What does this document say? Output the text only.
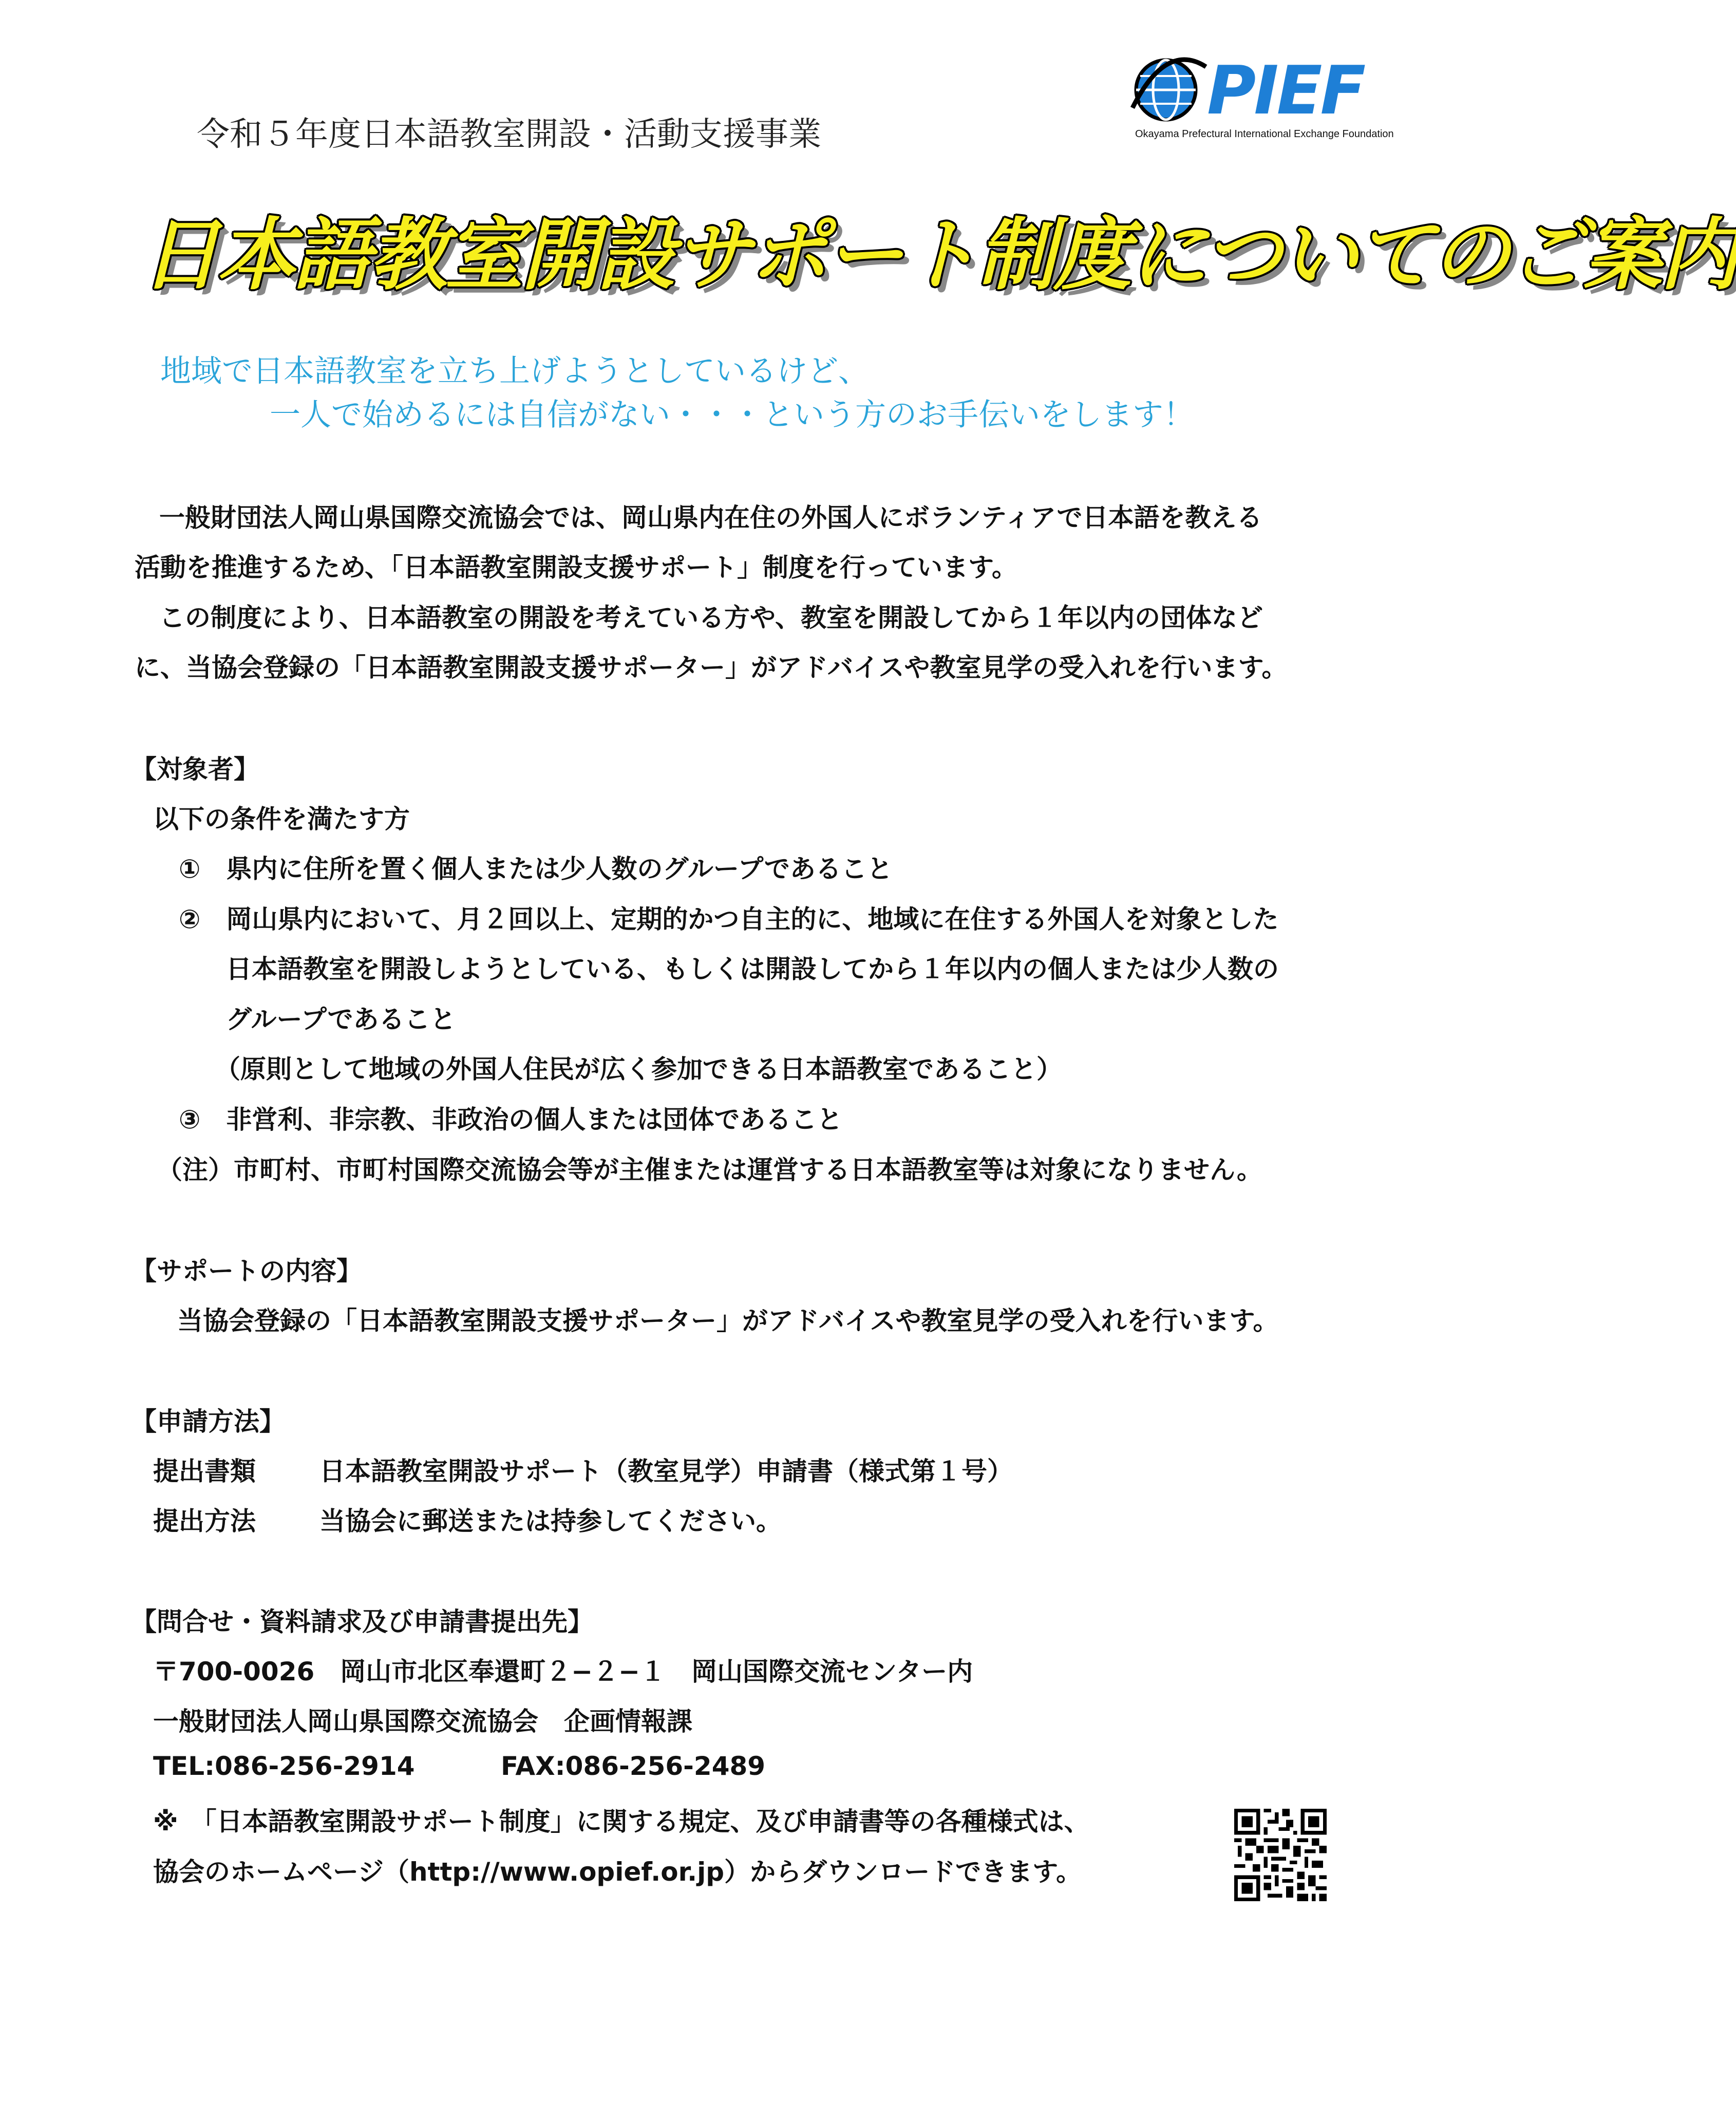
令和５年度日本語教室開設・活動支援事業
PIEF
Okayama Prefectural International Exchange Foundation
日本語教室開設サポート制度についてのご案内
地域で日本語教室を立ち上げようとしているけど、
一人で始めるには自信がない・・・という方のお手伝いをします！
一般財団法人岡山県国際交流協会では、岡山県内在住の外国人にボランティアで日本語を教える
活動を推進するため、「日本語教室開設支援サポート」制度を行っています。
この制度により、日本語教室の開設を考えている方や、教室を開設してから１年以内の団体など
に、当協会登録の「日本語教室開設支援サポーター」がアドバイスや教室見学の受入れを行います。
【対象者】
以下の条件を満たす方
①　県内に住所を置く個人または少人数のグループであること
②　岡山県内において、月２回以上、定期的かつ自主的に、地域に在住する外国人を対象とした
日本語教室を開設しようとしている、もしくは開設してから１年以内の個人または少人数の
グループであること
（原則として地域の外国人住民が広く参加できる日本語教室であること）
③　非営利、非宗教、非政治の個人または団体であること
（注）市町村、市町村国際交流協会等が主催または運営する日本語教室等は対象になりません。
【サポートの内容】
当協会登録の「日本語教室開設支援サポーター」がアドバイスや教室見学の受入れを行います。
【申請方法】
提出書類 日本語教室開設サポート（教室見学）申請書（様式第１号）
提出方法 当協会に郵送または持参してください。
【問合せ・資料請求及び申請書提出先】
〒700-0026　岡山市北区奉還町２−２−１　岡山国際交流センター内
一般財団法人岡山県国際交流協会　企画情報課
TEL:086-256-2914	FAX:086-256-2489
※　「日本語教室開設サポート制度」に関する規定、及び申請書等の各種様式は、
協会のホームページ（http://www.opief.or.jp）からダウンロードできます。
